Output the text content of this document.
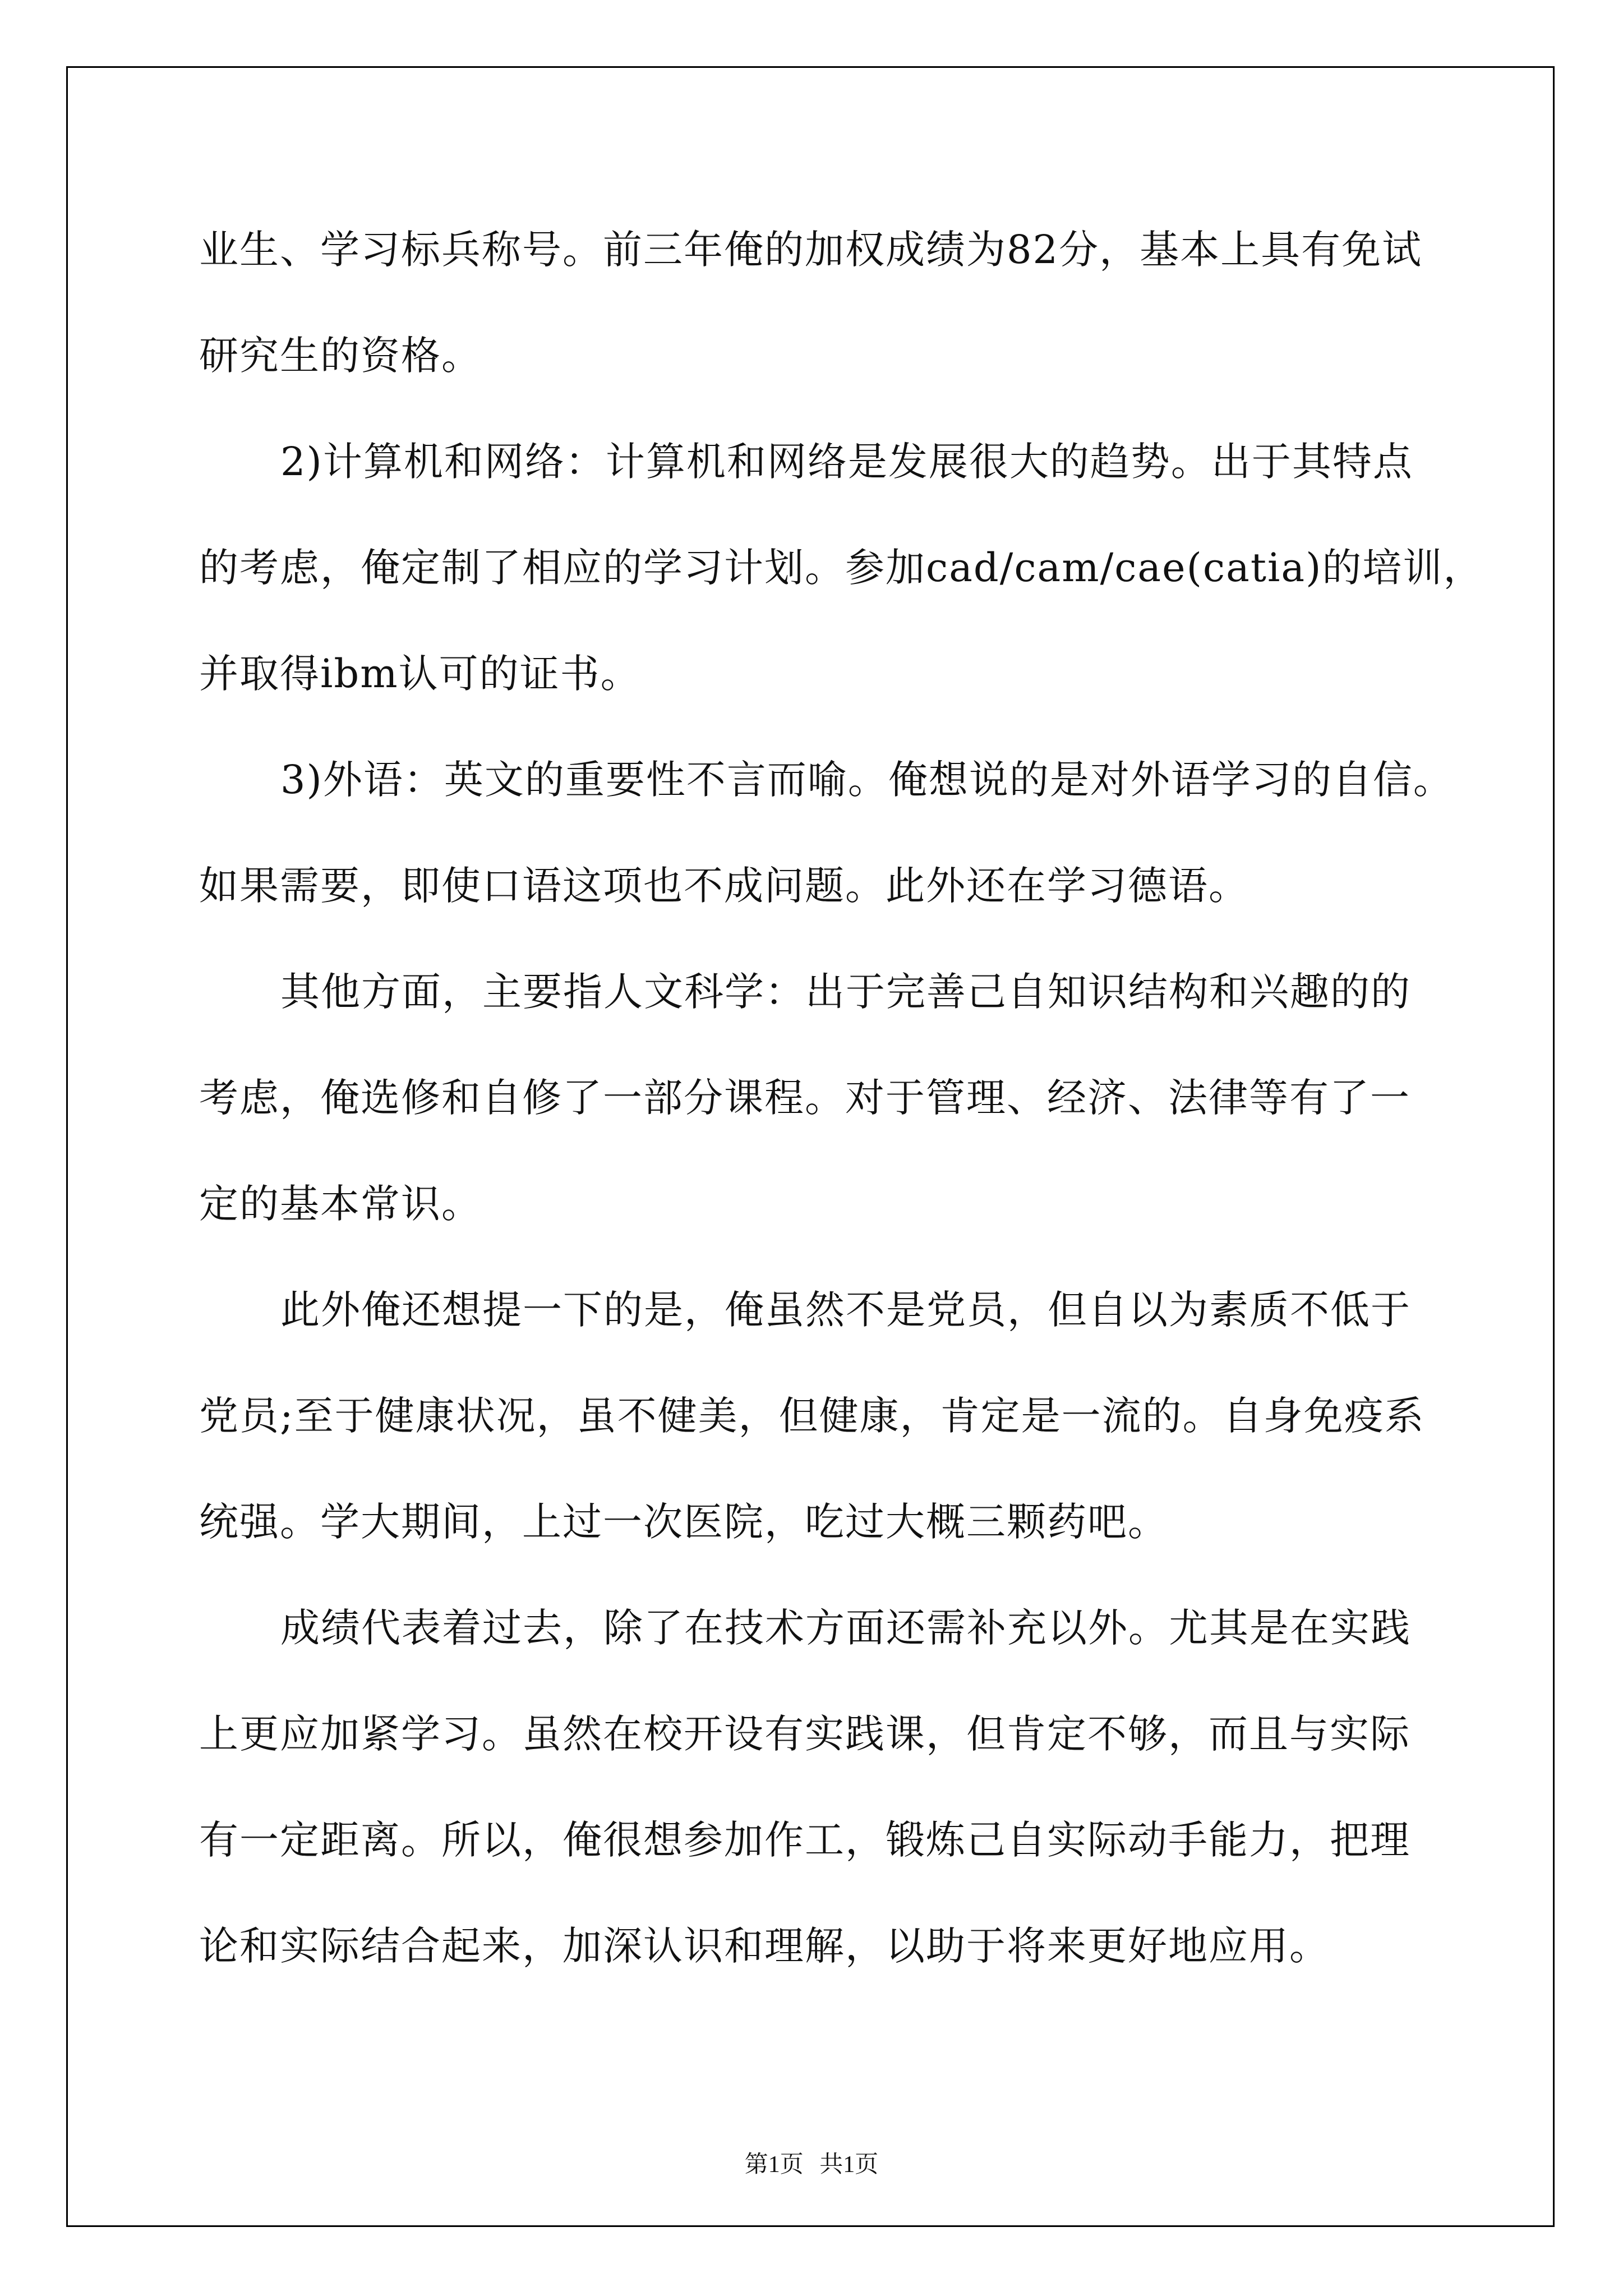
业生、学习标兵称号。前三年俺的加权成绩为82分，基本上具有免试
研究生的资格。
2)计算机和网络：计算机和网络是发展很大的趋势。出于其特点
的考虑，俺定制了相应的学习计划。参加cad/cam/cae(catia)的培训，
并取得ibm认可的证书。
3)外语：英文的重要性不言而喻。俺想说的是对外语学习的自信。
如果需要，即使口语这项也不成问题。此外还在学习德语。
其他方面，主要指人文科学：出于完善己自知识结构和兴趣的的
考虑，俺选修和自修了一部分课程。对于管理、经济、法律等有了一
定的基本常识。
此外俺还想提一下的是，俺虽然不是党员，但自以为素质不低于
党员;至于健康状况，虽不健美，但健康，肯定是一流的。自身免疫系
统强。学大期间，上过一次医院，吃过大概三颗药吧。
成绩代表着过去，除了在技术方面还需补充以外。尤其是在实践
上更应加紧学习。虽然在校开设有实践课，但肯定不够，而且与实际
有一定距离。所以，俺很想参加作工，锻炼己自实际动手能力，把理
论和实际结合起来，加深认识和理解，以助于将来更好地应用。
第1页 共1页
